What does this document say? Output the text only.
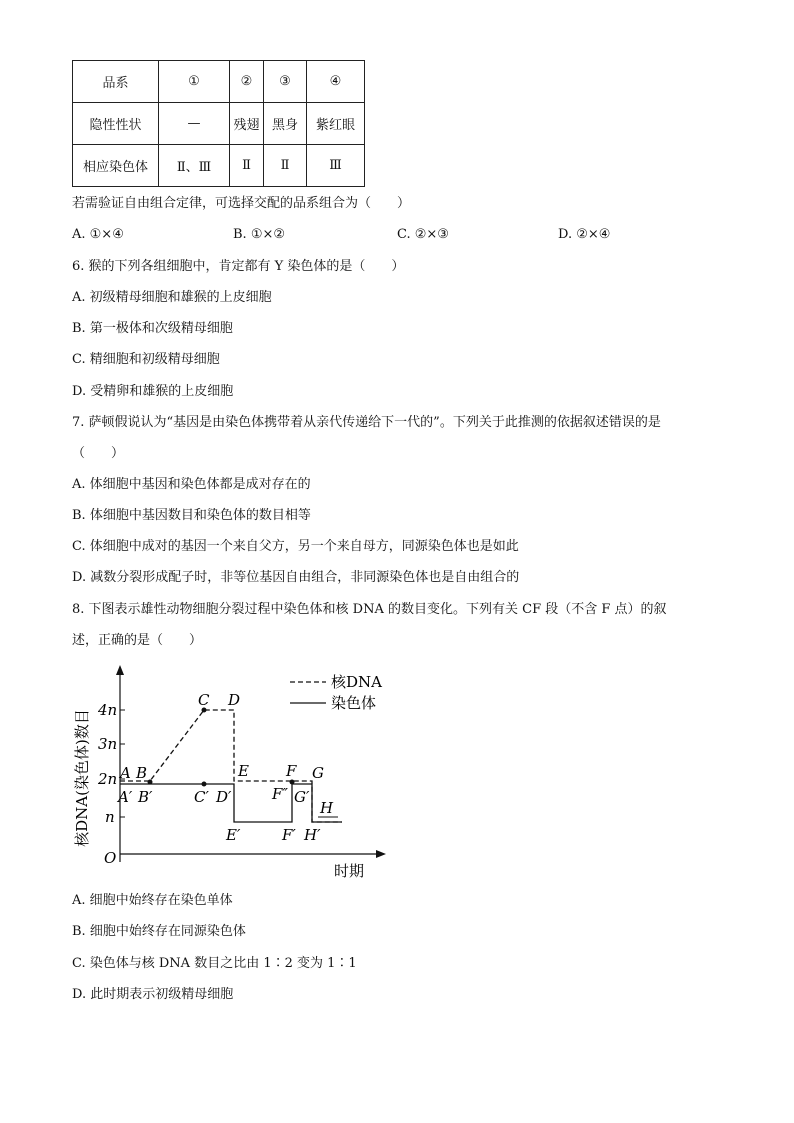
品系	①	②	③	④
隐性性状	—	残翅	黑身	紫红眼
相应染色体	Ⅱ、Ⅲ	Ⅱ	Ⅱ	Ⅲ
若需验证自由组合定律，可选择交配的品系组合为（　　）
A. ①×④	B. ①×②	C. ②×③	D. ②×④
6. 猴的下列各组细胞中，肯定都有 Y 染色体的是（　　）
A. 初级精母细胞和雄猴的上皮细胞
B. 第一极体和次级精母细胞
C. 精细胞和初级精母细胞
D. 受精卵和雄猴的上皮细胞
7. 萨顿假说认为“基因是由染色体携带着从亲代传递给下一代的”。下列关于此推测的依据叙述错误的是
（　　）
A. 体细胞中基因和染色体都是成对存在的
B. 体细胞中基因数目和染色体的数目相等
C. 体细胞中成对的基因一个来自父方，另一个来自母方，同源染色体也是如此
D. 减数分裂形成配子时，非等位基因自由组合，非同源染色体也是自由组合的
8. 下图表示雄性动物细胞分裂过程中染色体和核 DNA 的数目变化。下列有关 CF 段（不含 F 点）的叙
述，正确的是（　　）
核DNA(染色体)数目
O
时期
4n
3n
2n
n
核DNA
染色体
A B
C D
E F G
H
A′ B′	C′ D′
E′	F′
F″ G′
H′
A. 细胞中始终存在染色单体
B. 细胞中始终存在同源染色体
C. 染色体与核 DNA 数目之比由 1∶2 变为 1∶1
D. 此时期表示初级精母细胞
